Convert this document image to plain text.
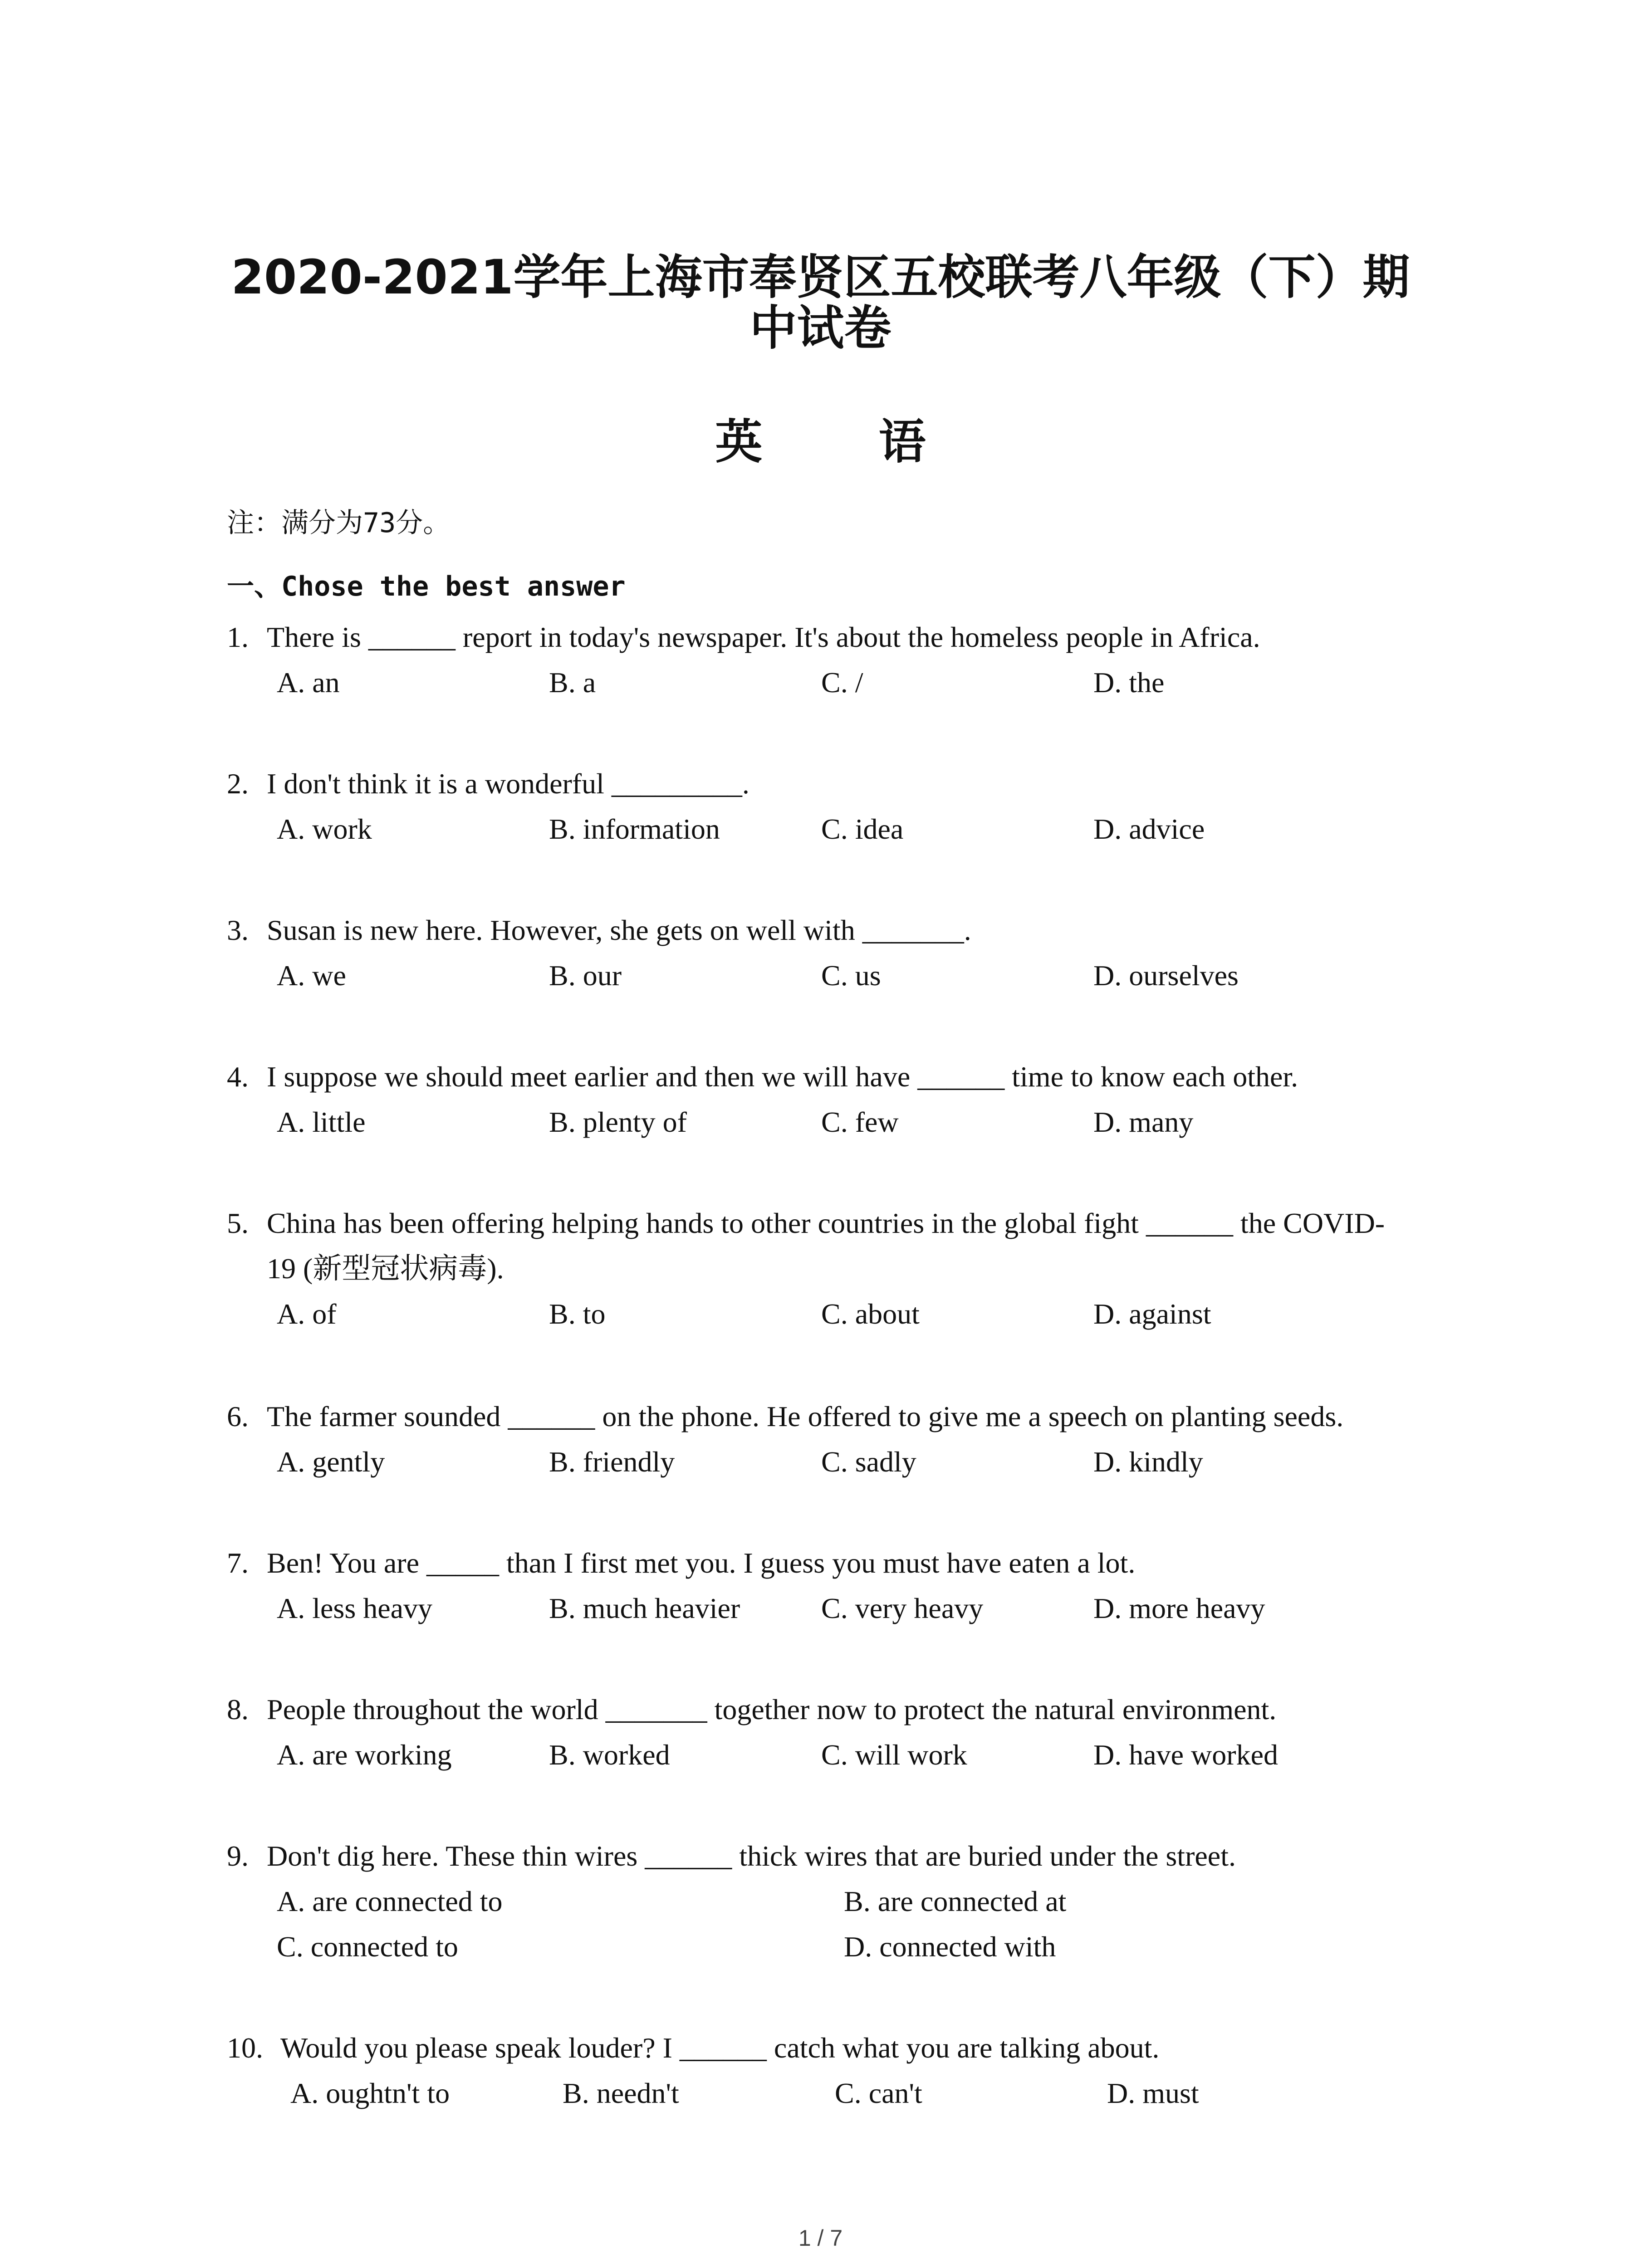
2020-2021学年上海市奉贤区五校联考八年级（下）期
中试卷
英 语
注：满分为73分。
一、Chose the best answer
1. There is ______ report in today's newspaper. It's about the homeless people in Africa.
A. an	B. a	C. /	D. the
2. I don't think it is a wonderful _________.
A. work	B. information	C. idea	D. advice
3. Susan is new here. However, she gets on well with _______.
A. we	B. our	C. us	D. ourselves
4. I suppose we should meet earlier and then we will have ______ time to know each other.
A. little	B. plenty of	C. few	D. many
5. China has been offering helping hands to other countries in the global fight ______ the COVID-
19 (新型冠状病毒).
A. of	B. to	C. about	D. against
6. The farmer sounded ______ on the phone. He offered to give me a speech on planting seeds.
A. gently	B. friendly	C. sadly	D. kindly
7. Ben! You are _____ than I first met you. I guess you must have eaten a lot.
A. less heavy	B. much heavier	C. very heavy	D. more heavy
8. People throughout the world _______ together now to protect the natural environment.
A. are working	B. worked	C. will work	D. have worked
9. Don't dig here. These thin wires ______ thick wires that are buried under the street.
A. are connected to	B. are connected at
C. connected to	D. connected with
10. Would you please speak louder? I ______ catch what you are talking about.
A. oughtn't to	B. needn't	C. can't	D. must
1 / 7
